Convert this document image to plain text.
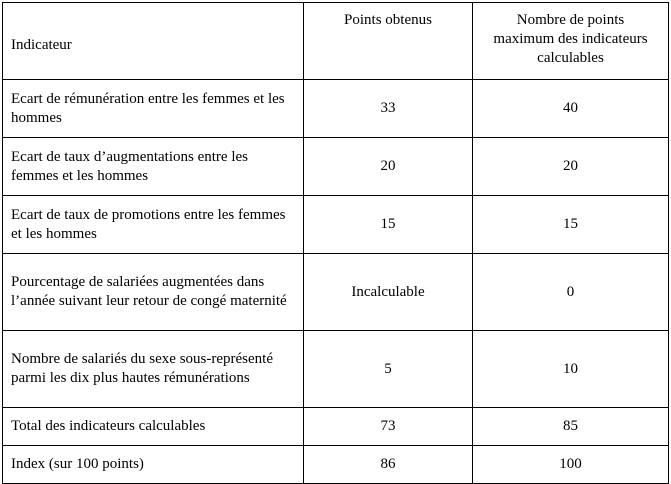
Indicateur	Points obtenus	Nombre de points
maximum des indicateurs
calculables

Ecart de rémunération entre les femmes et les hommes	33	40

Ecart de taux d’augmentations entre les femmes et les hommes	20	20

Ecart de taux de promotions entre les femmes et les hommes	15	15

Pourcentage de salariées augmentées dans l’année suivant leur retour de congé maternité	Incalculable	0

Nombre de salariés du sexe sous-représenté parmi les dix plus hautes rémunérations	5	10

Total des indicateurs calculables	73	85

Index (sur 100 points)	86	100
